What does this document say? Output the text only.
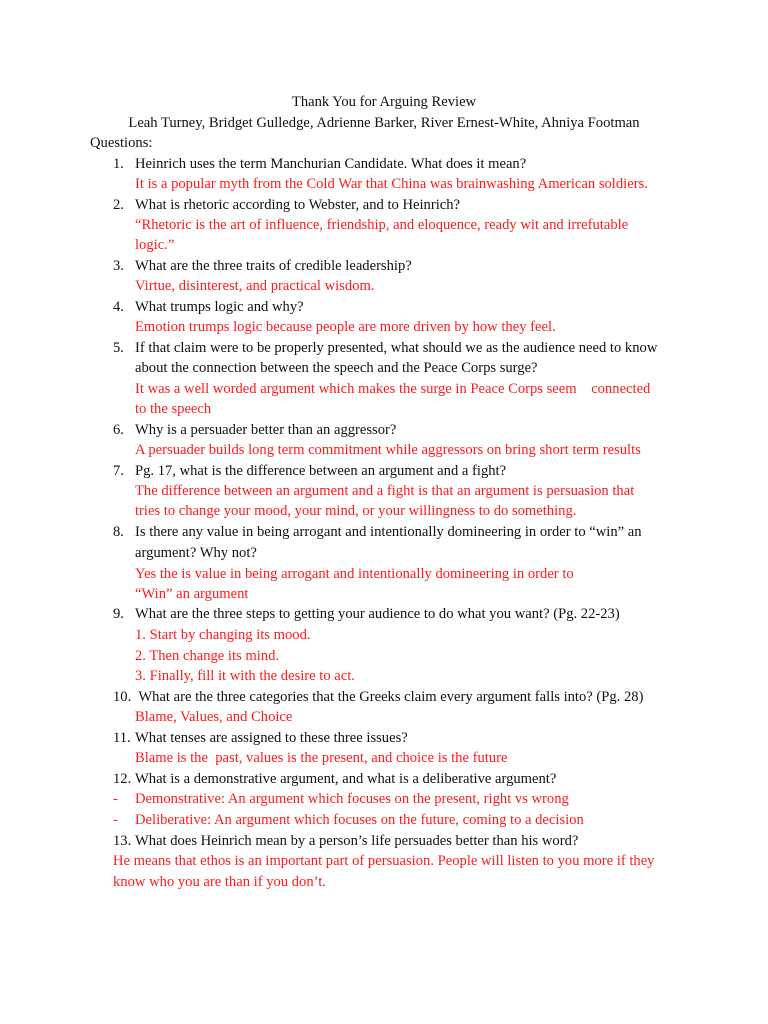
Thank You for Arguing Review
Leah Turney, Bridget Gulledge, Adrienne Barker, River Ernest-White, Ahniya Footman
Questions:
1. Heinrich uses the term Manchurian Candidate. What does it mean?
It is a popular myth from the Cold War that China was brainwashing American soldiers.
2. What is rhetoric according to Webster, and to Heinrich?
“Rhetoric is the art of influence, friendship, and eloquence, ready wit and irrefutable
logic.”
3. What are the three traits of credible leadership?
Virtue, disinterest, and practical wisdom.
4. What trumps logic and why?
Emotion trumps logic because people are more driven by how they feel.
5. If that claim were to be properly presented, what should we as the audience need to know
about the connection between the speech and the Peace Corps surge?
It was a well worded argument which makes the surge in Peace Corps seem    connected
to the speech
6. Why is a persuader better than an aggressor?
A persuader builds long term commitment while aggressors on bring short term results
7. Pg. 17, what is the difference between an argument and a fight?
The difference between an argument and a fight is that an argument is persuasion that
tries to change your mood, your mind, or your willingness to do something.
8. Is there any value in being arrogant and intentionally domineering in order to “win” an
argument? Why not?
Yes the is value in being arrogant and intentionally domineering in order to
“Win” an argument
9. What are the three steps to getting your audience to do what you want? (Pg. 22-23)
1. Start by changing its mood.
2. Then change its mind.
3. Finally, fill it with the desire to act.
10. What are the three categories that the Greeks claim every argument falls into? (Pg. 28)
Blame, Values, and Choice
11. What tenses are assigned to these three issues?
Blame is the  past, values is the present, and choice is the future
12. What is a demonstrative argument, and what is a deliberative argument?
- Demonstrative: An argument which focuses on the present, right vs wrong
- Deliberative: An argument which focuses on the future, coming to a decision
13. What does Heinrich mean by a person’s life persuades better than his word?
He means that ethos is an important part of persuasion. People will listen to you more if they
know who you are than if you don’t.
